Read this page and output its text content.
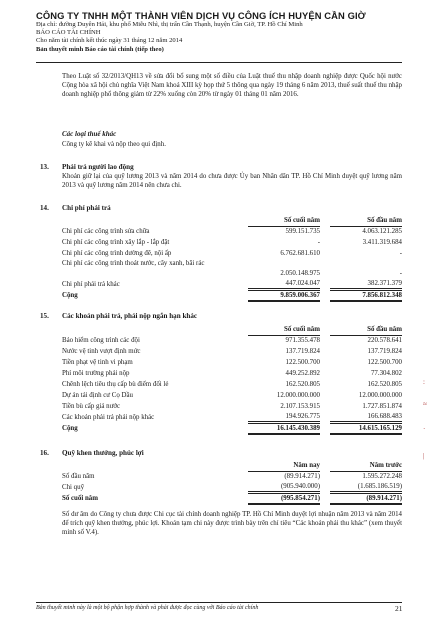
CÔNG TY TNHH MỘT THÀNH VIÊN DỊCH VỤ CÔNG ÍCH HUYỆN CẦN GIỜ
Địa chỉ: đường Duyên Hải, khu phố Miễu Nhì, thị trấn Cần Thạnh, huyện Cần Giờ, TP. Hồ Chí Minh
BÁO CÁO TÀI CHÍNH
Cho năm tài chính kết thúc ngày 31 tháng 12 năm 2014
Bản thuyết minh Báo cáo tài chính (tiếp theo)
Theo Luật số 32/2013/QH13 về sửa đổi bổ sung một số điều của Luật thuế thu nhập doanh nghiệp được Quốc hội nước Cộng hòa xã hội chủ nghĩa Việt Nam khoá XIII kỳ họp thứ 5 thông qua ngày 19 tháng 6 năm 2013, thuế suất thuế thu nhập doanh nghiệp phổ thông giảm từ 22% xuống còn 20% từ ngày 01 tháng 01 năm 2016.
Các loại thuế khác
Công ty kê khai và nộp theo qui định.
13. Phải trả người lao động
Khoản giữ lại của quỹ lương 2013 và năm 2014 do chưa được Ủy ban Nhân dân TP. Hồ Chí Minh duyệt quỹ lương năm 2013 và quỹ lương năm 2014 nên chưa chi.
14. Chi phí phải trả
Số cuối năm	Số đầu năm
Chi phí các công trình sửa chữa	599.151.735	4.063.121.285
Chi phí các công trình xây lắp - lắp đặt	-	3.411.319.684
Chi phí các công trình dường đê, nội ấp	6.762.681.610	-
Chi phí các công trình thoát nước, cây xanh, bãi rác
2.050.148.975	-
Chi phí phải trả khác	447.024.047	382.371.379
Cộng	9.859.006.367	7.856.812.348
15. Các khoản phải trả, phải nộp ngắn hạn khác
Số cuối năm	Số đầu năm
Bảo hiểm công trình các đội	971.355.478	220.578.641
Nước vệ tinh vượt định mức	137.719.824	137.719.824
Tiền phạt vệ tinh vi phạm	122.500.700	122.500.700
Phí môi trường phải nộp	449.252.892	77.304.802
Chênh lệch tiêu thụ cấp bù điểm đối lẻ	162.520.805	162.520.805
Dự án tái định cư Cọ Dầu	12.000.000.000	12.000.000.000
Tiền bù cấp giá nước	2.107.153.915	1.727.851.874
Các khoản phải trả phải nộp khác	194.926.775	166.688.483
Cộng	16.145.430.389	14.615.165.129
16. Quỹ khen thưởng, phúc lợi
Năm nay	Năm trước
Số đầu năm	(89.914.271)	1.595.272.248
Chi quỹ	(905.940.000)	(1.685.186.519)
Số cuối năm	(995.854.271)	(89.914.271)
Số dư âm do Công ty chưa được Chi cục tài chính doanh nghiệp TP. Hồ Chí Minh duyệt lợi nhuận năm 2013 và năm 2014 để trích quỹ khen thưởng, phúc lợi. Khoản tạm chi này được trình bày trên chỉ tiêu “Các khoản phải thu khác” (xem thuyết minh số V.4).
:
≈
·
|
Bản thuyết minh này là một bộ phận hợp thành và phải được đọc cùng với Báo cáo tài chính	21
